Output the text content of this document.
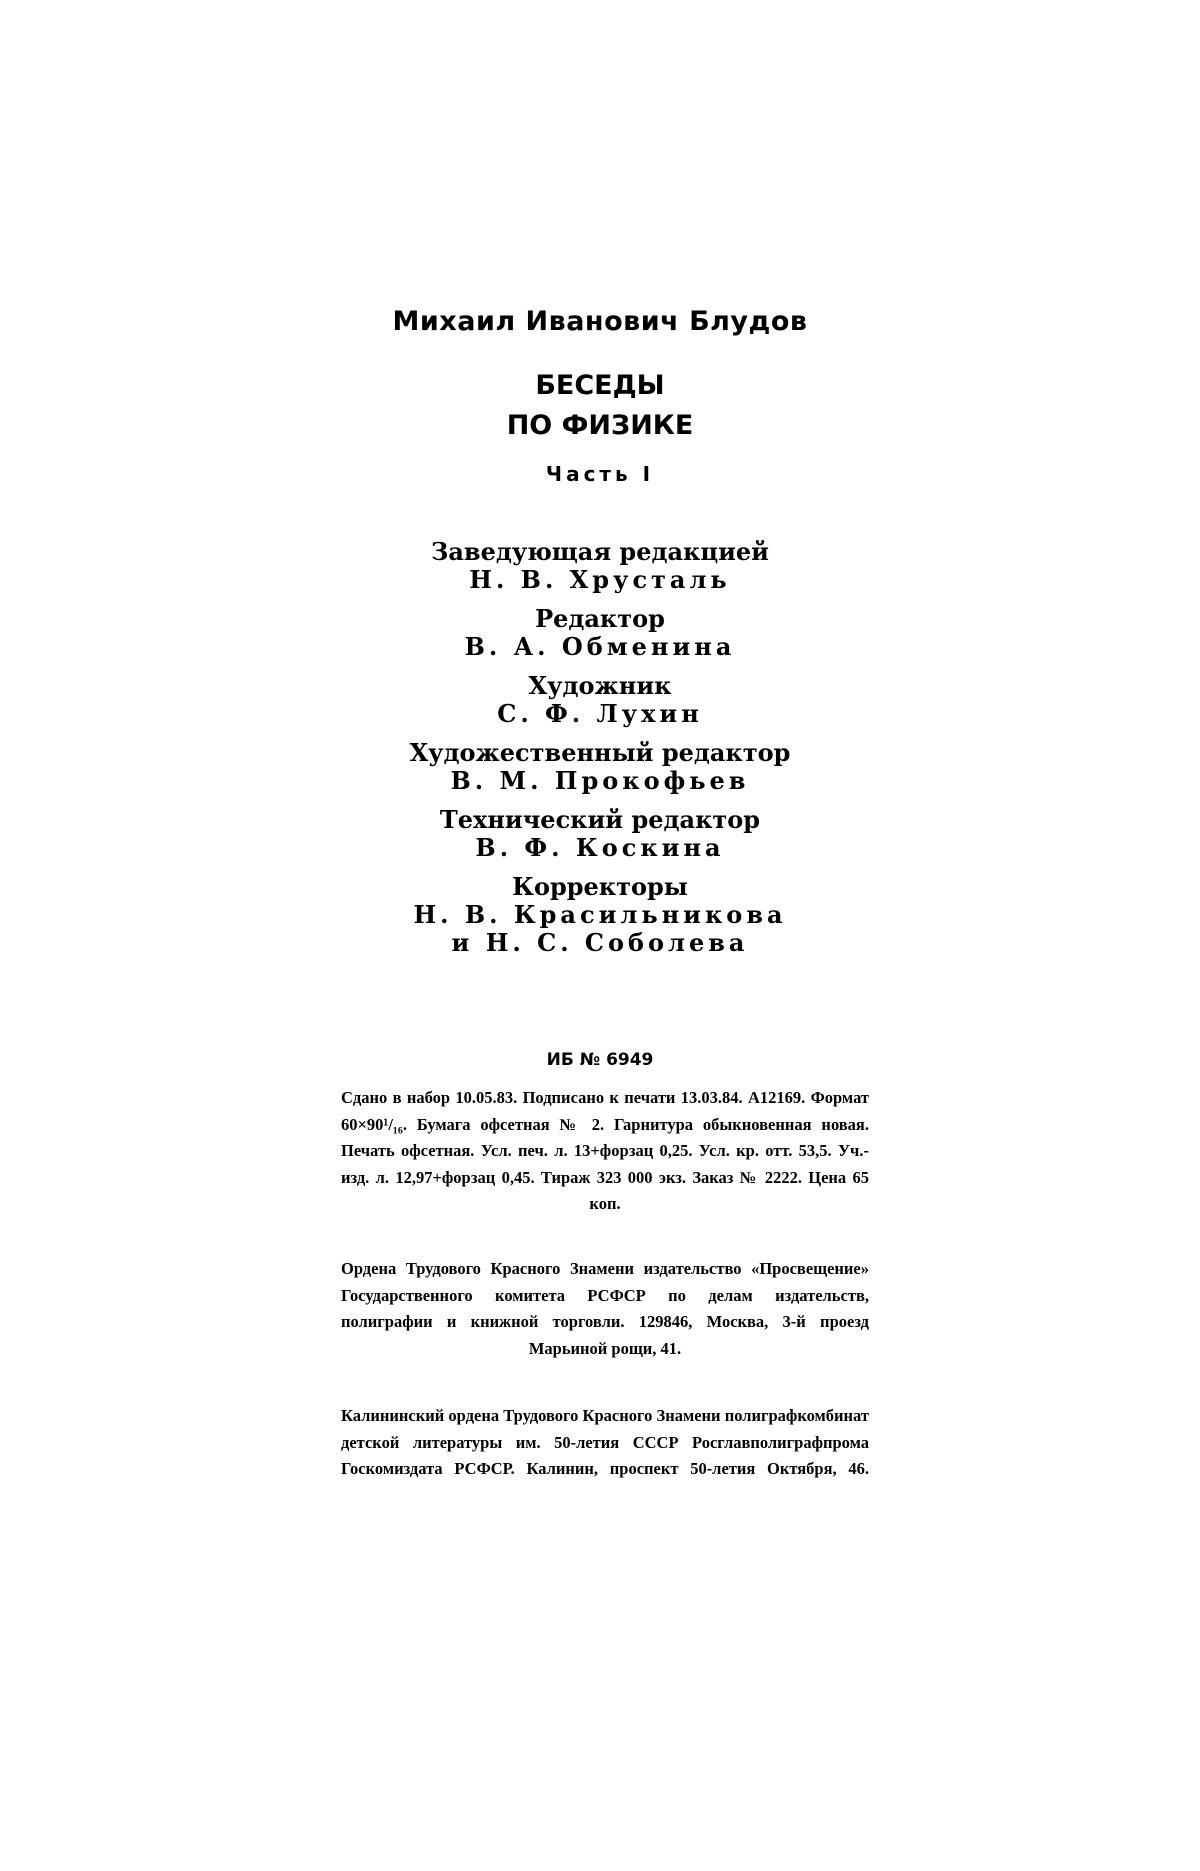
Михаил Иванович Блудов
БЕСЕДЫ
ПО ФИЗИКЕ
Часть I
Заведующая редакцией
Н. В. Хрусталь
Редактор
В. А. Обменина
Художник
С. Ф. Лухин
Художественный редактор
В. М. Прокофьев
Технический редактор
В. Ф. Коскина
Корректоры
Н. В. Красильникова
и Н. С. Соболева
ИБ № 6949
Сдано в набор 10.05.83. Подписано к печати 13.03.84. А12169. Формат 60×90¹/₁₆. Бумага офсетная № 2. Гарнитура обыкновенная новая. Печать офсетная. Усл. печ. л. 13+форзац 0,25. Усл. кр. отт. 53,5. Уч.-изд. л. 12,97+форзац 0,45. Тираж 323 000 экз. Заказ № 2222. Цена 65 коп.
Ордена Трудового Красного Знамени издательство «Просвещение» Государственного комитета РСФСР по делам издательств, полиграфии и книжной торговли. 129846, Москва, 3-й проезд Марьиной рощи, 41.
Калининский ордена Трудового Красного Знамени полиграфкомбинат детской литературы им. 50-летия СССР Росглавполиграфпрома Госкомиздата РСФСР. Калинин, проспект 50-летия Октября, 46.
